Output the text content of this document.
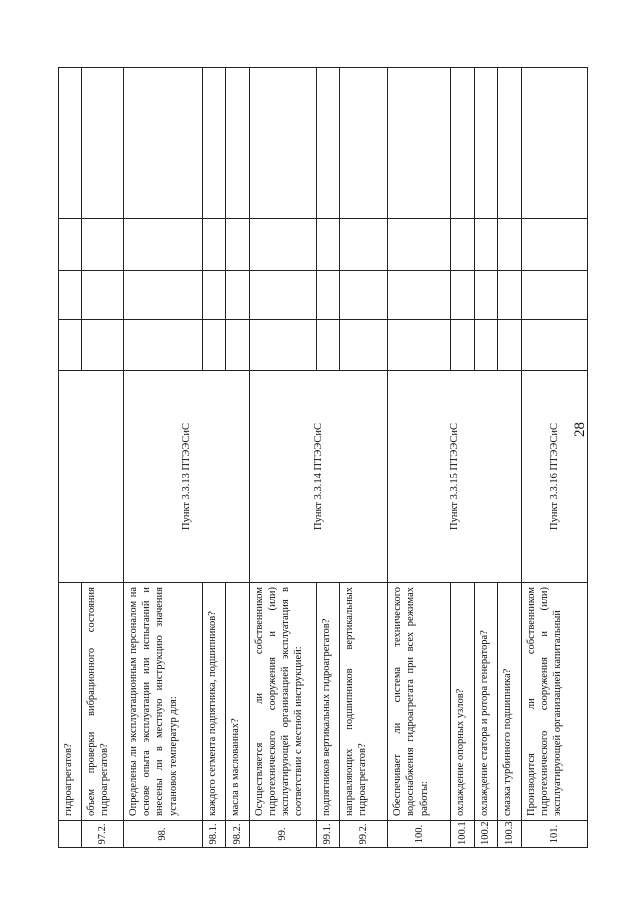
28
	гидроагрегатов?					
97.2.	объем проверки вибрационного состояния гидроагрегатов?					
98.	Определены ли эксплуатационным персоналом на основе опыта эксплуатации или испытаний и внесены ли в местную инструкцию значения установок температур для:	Пункт 3.3.13 ПТЭЭСиС				
98.1.	каждого сегмента подпятника, подшипников?					
98.2.	масла в маслованнах?					
99.	Осуществляется ли собственником гидротехнического сооружения и (или) эксплуатирующей организацией эксплуатация в соответствии с местной инструкцией:	Пункт 3.3.14 ПТЭЭСиС				
99.1.	подпятников вертикальных гидроагрегатов?					
99.2.	направляющих подшипников вертикальных гидроагрегатов?					
100.	Обеспечивает ли система технического водоснабжения гидроагрегата при всех режимах работы:	Пункт 3.3.15 ПТЭЭСиС				
100.1	охлаждение опорных узлов?					
100.2	охлаждение статора и ротора генератора?					
100.3	смазка турбинного подшипника?					
101.	Производится ли собственником гидротехнического сооружения и (или) эксплуатирующей организацией капитальный	Пункт 3.3.16 ПТЭЭСиС				
